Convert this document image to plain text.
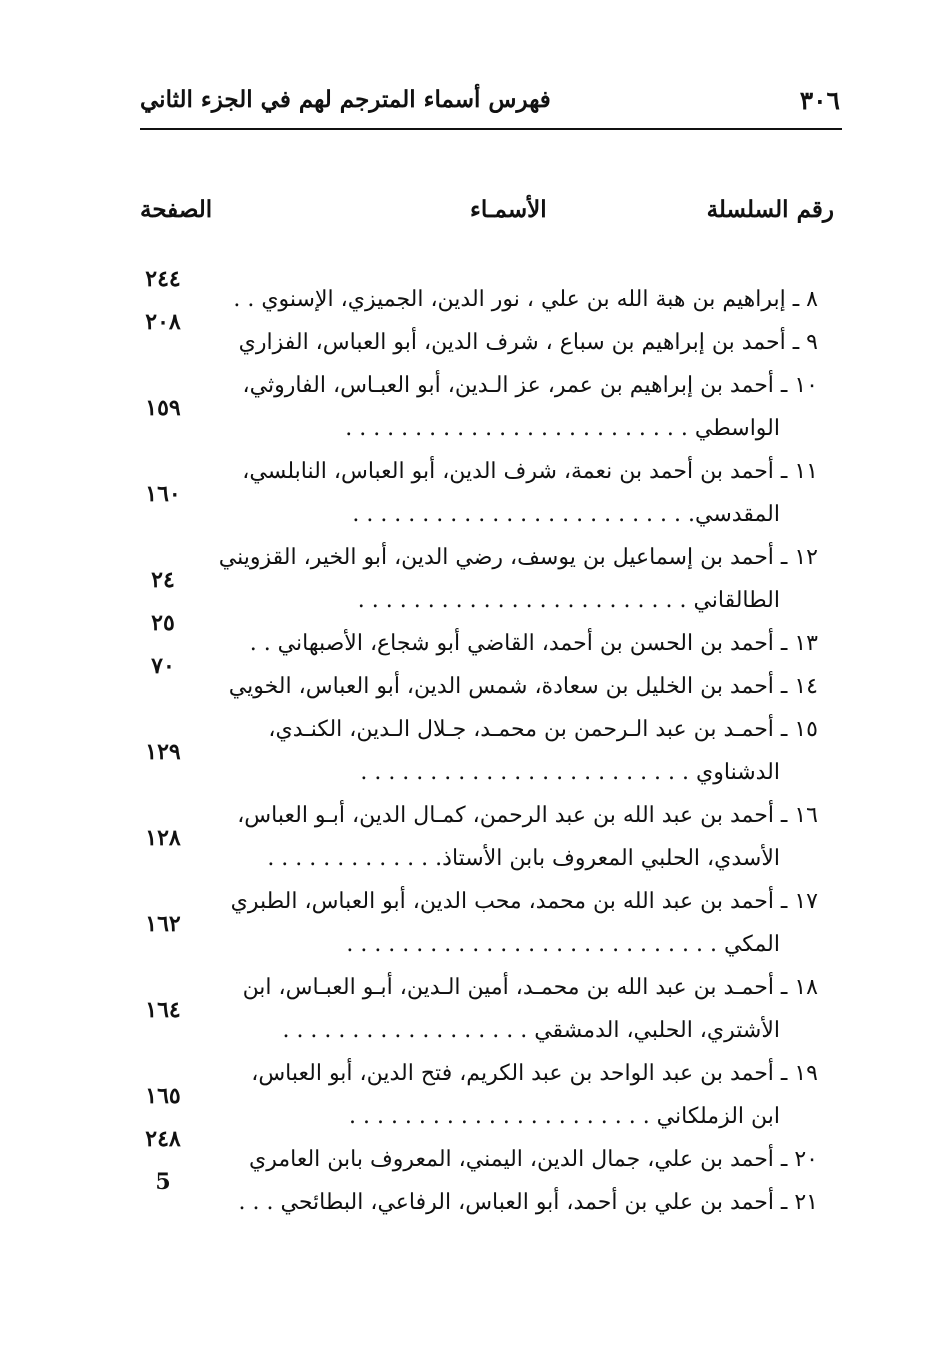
٣٠٦
فهرس أسماء المترجم لهم في الجزء الثاني
رقم السلسلة
الأسمـاء
الصفحة
٨ ـ إبراهيم بن هبة الله بن علي ، نور الدين، الجميزي، الإسنوي . .
٢٤٤
٩ ـ أحمد بن إبراهيم بن سباع ، شرف الدين، أبو العباس، الفزاري
٢٠٨
١٠ ـ أحمد بن إبراهيم بن عمر، عز الـدين، أبو العبـاس، الفاروثي،
الواسطي . . . . . . . . . . . . . . . . . . . . . . . . .
١٥٩
١١ ـ أحمد بن أحمد بن نعمة، شرف الدين، أبو العباس، النابلسي،
المقدسي. . . . . . . . . . . . . . . . . . . . . . . . .
١٦٠
١٢ ـ أحمد بن إسماعيل بن يوسف، رضي الدين، أبو الخير، القزويني
الطالقاني . . . . . . . . . . . . . . . . . . . . . . . .
٢٤
١٣ ـ أحمد بن الحسن بن أحمد، القاضي أبو شجاع، الأصبهاني . .
٢٥
١٤ ـ أحمد بن الخليل بن سعادة، شمس الدين، أبو العباس، الخويي
٧٠
١٥ ـ أحمـد بن عبد الـرحمن بن محمـد، جـلال الـدين، الكنـدي،
الدشناوي . . . . . . . . . . . . . . . . . . . . . . . .
١٢٩
١٦ ـ أحمد بن عبد الله بن عبد الرحمن، كمـال الدين، أبـو العباس،
الأسدي، الحلبي المعروف بابن الأستاذ. . . . . . . . . . . . .
١٢٨
١٧ ـ أحمد بن عبد الله بن محمد، محب الدين، أبو العباس، الطبري
المكي . . . . . . . . . . . . . . . . . . . . . . . . . . .
١٦٢
١٨ ـ أحمـد بن عبد الله بن محمـد، أمين الـدين، أبـو العبـاس، ابن
الأشتري، الحلبي، الدمشقي . . . . . . . . . . . . . . . . . .
١٦٤
١٩ ـ أحمد بن عبد الواحد بن عبد الكريم، فتح الدين، أبو العباس،
ابن الزملكاني . . . . . . . . . . . . . . . . . . . . . .
١٦٥
٢٠ ـ أحمد بن علي، جمال الدين، اليمني، المعروف بابن العامري
٢٤٨
٢١ ـ أحمد بن علي بن أحمد، أبو العباس، الرفاعي، البطائحي . . .
5
